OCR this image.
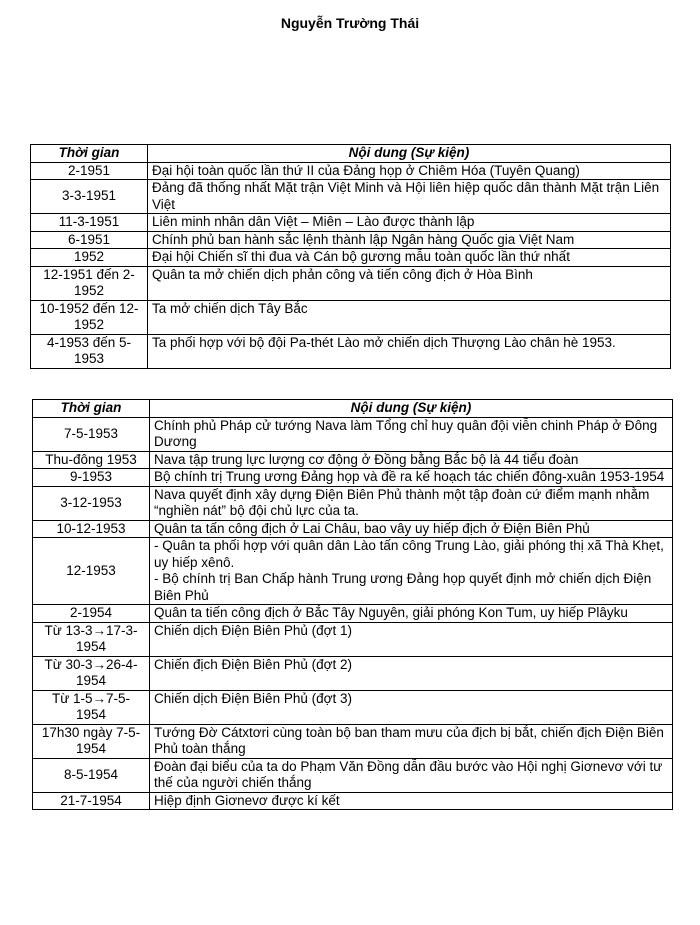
Nguyễn Trường Thái
Thời gian	Nội dung (Sự kiện)
2-1951	Đại hội toàn quốc lần thứ II của Đảng họp ở Chiêm Hóa (Tuyên Quang)
3-3-1951	Đảng đã thống nhất Mặt trận Việt Minh và Hội liên hiệp quốc dân thành Mặt trận Liên Việt
11-3-1951	Liên minh nhân dân Việt – Miên – Lào được thành lập
6-1951	Chính phủ ban hành sắc lệnh thành lập Ngân hàng Quốc gia Việt Nam
1952	Đại hội Chiến sĩ thi đua và Cán bộ gương mẫu toàn quốc lần thứ nhất
12-1951 đến 2-1952	Quân ta mở chiến dịch phản công và tiến công địch ở Hòa Bình
10-1952 đến 12-1952	Ta mở chiến dịch Tây Bắc
4-1953 đến 5-1953	Ta phối hợp với bộ đội Pa-thét Lào mở chiến dịch Thượng Lào chân hè 1953.
Thời gian	Nội dung (Sự kiện)
7-5-1953	Chính phủ Pháp cử tướng Nava làm Tổng chỉ huy quân đội viễn chinh Pháp ở Đông Dương
Thu-đông 1953	Nava tập trung lực lượng cơ động ở Đồng bằng Bắc bộ là 44 tiểu đoàn
9-1953	Bộ chính trị Trung ương Đảng họp và đề ra kế hoạch tác chiến đông-xuân 1953-1954
3-12-1953	Nava quyết định xây dựng Điện Biên Phủ thành một tập đoàn cứ điểm mạnh nhằm “nghiền nát” bộ đội chủ lực của ta.
10-12-1953	Quân ta tấn công địch ở Lai Châu, bao vây uy hiếp địch ở Điện Biên Phủ
12-1953	- Quân ta phối hợp với quân dân Lào tấn công Trung Lào, giải phóng thị xã Thà Khẹt, uy hiếp xênô.
- Bộ chính trị Ban Chấp hành Trung ương Đảng họp quyết định mở chiến dịch Điện Biên Phủ
2-1954	Quân ta tiến công địch ở Bắc Tây Nguyên, giải phóng Kon Tum, uy hiếp Plâyku
Từ 13-3→17-3-1954	Chiến dịch Điện Biên Phủ (đợt 1)
Từ 30-3→26-4-1954	Chiến địch Điện Biên Phủ (đợt 2)
Từ 1-5→7-5-1954	Chiến dịch Điện Biên Phủ (đợt 3)
17h30 ngày 7-5-1954	Tướng Đờ Cátxtơri cùng toàn bộ ban tham mưu của địch bị bắt, chiến địch Điện Biên Phủ toàn thắng
8-5-1954	Đoàn đại biểu của ta do Phạm Văn Đồng dẫn đầu bước vào Hội nghị Giơnevơ với tư thế của người chiến thắng
21-7-1954	Hiệp định Giơnevơ được kí kết
